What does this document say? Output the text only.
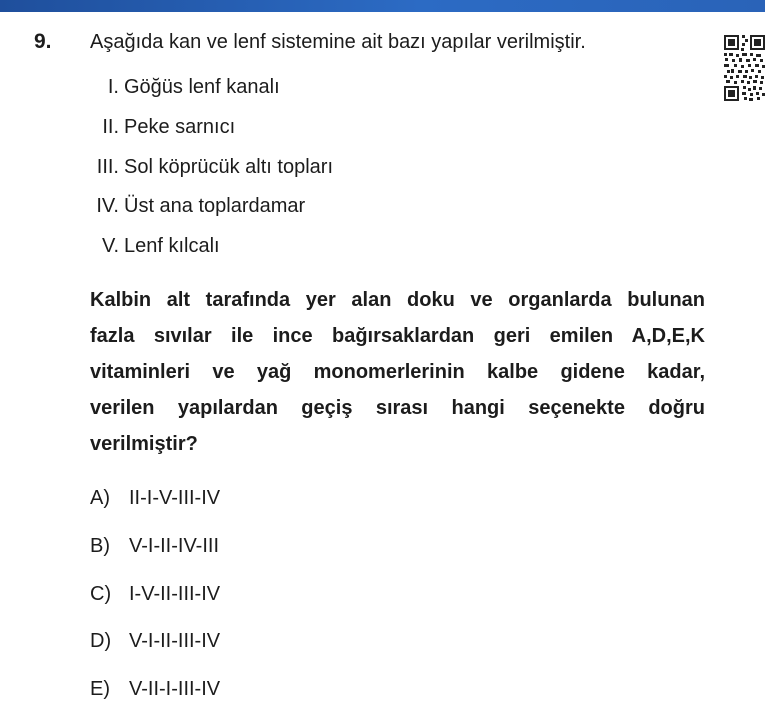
9. Aşağıda kan ve lenf sistemine ait bazı yapılar verilmiştir.
I. Göğüs lenf kanalı
II. Peke sarnıcı
III. Sol köprücük altı topları
IV. Üst ana toplardamar
V. Lenf kılcalı
Kalbin alt tarafında yer alan doku ve organlarda bulunan
fazla sıvılar ile ince bağırsaklardan geri emilen A,D,E,K
vitaminleri ve yağ monomerlerinin kalbe gidene kadar,
verilen yapılardan geçiş sırası hangi seçenekte doğru
verilmiştir?
A) II-I-V-III-IV
B) V-I-II-IV-III
C) I-V-II-III-IV
D) V-I-II-III-IV
E) V-II-I-III-IV
